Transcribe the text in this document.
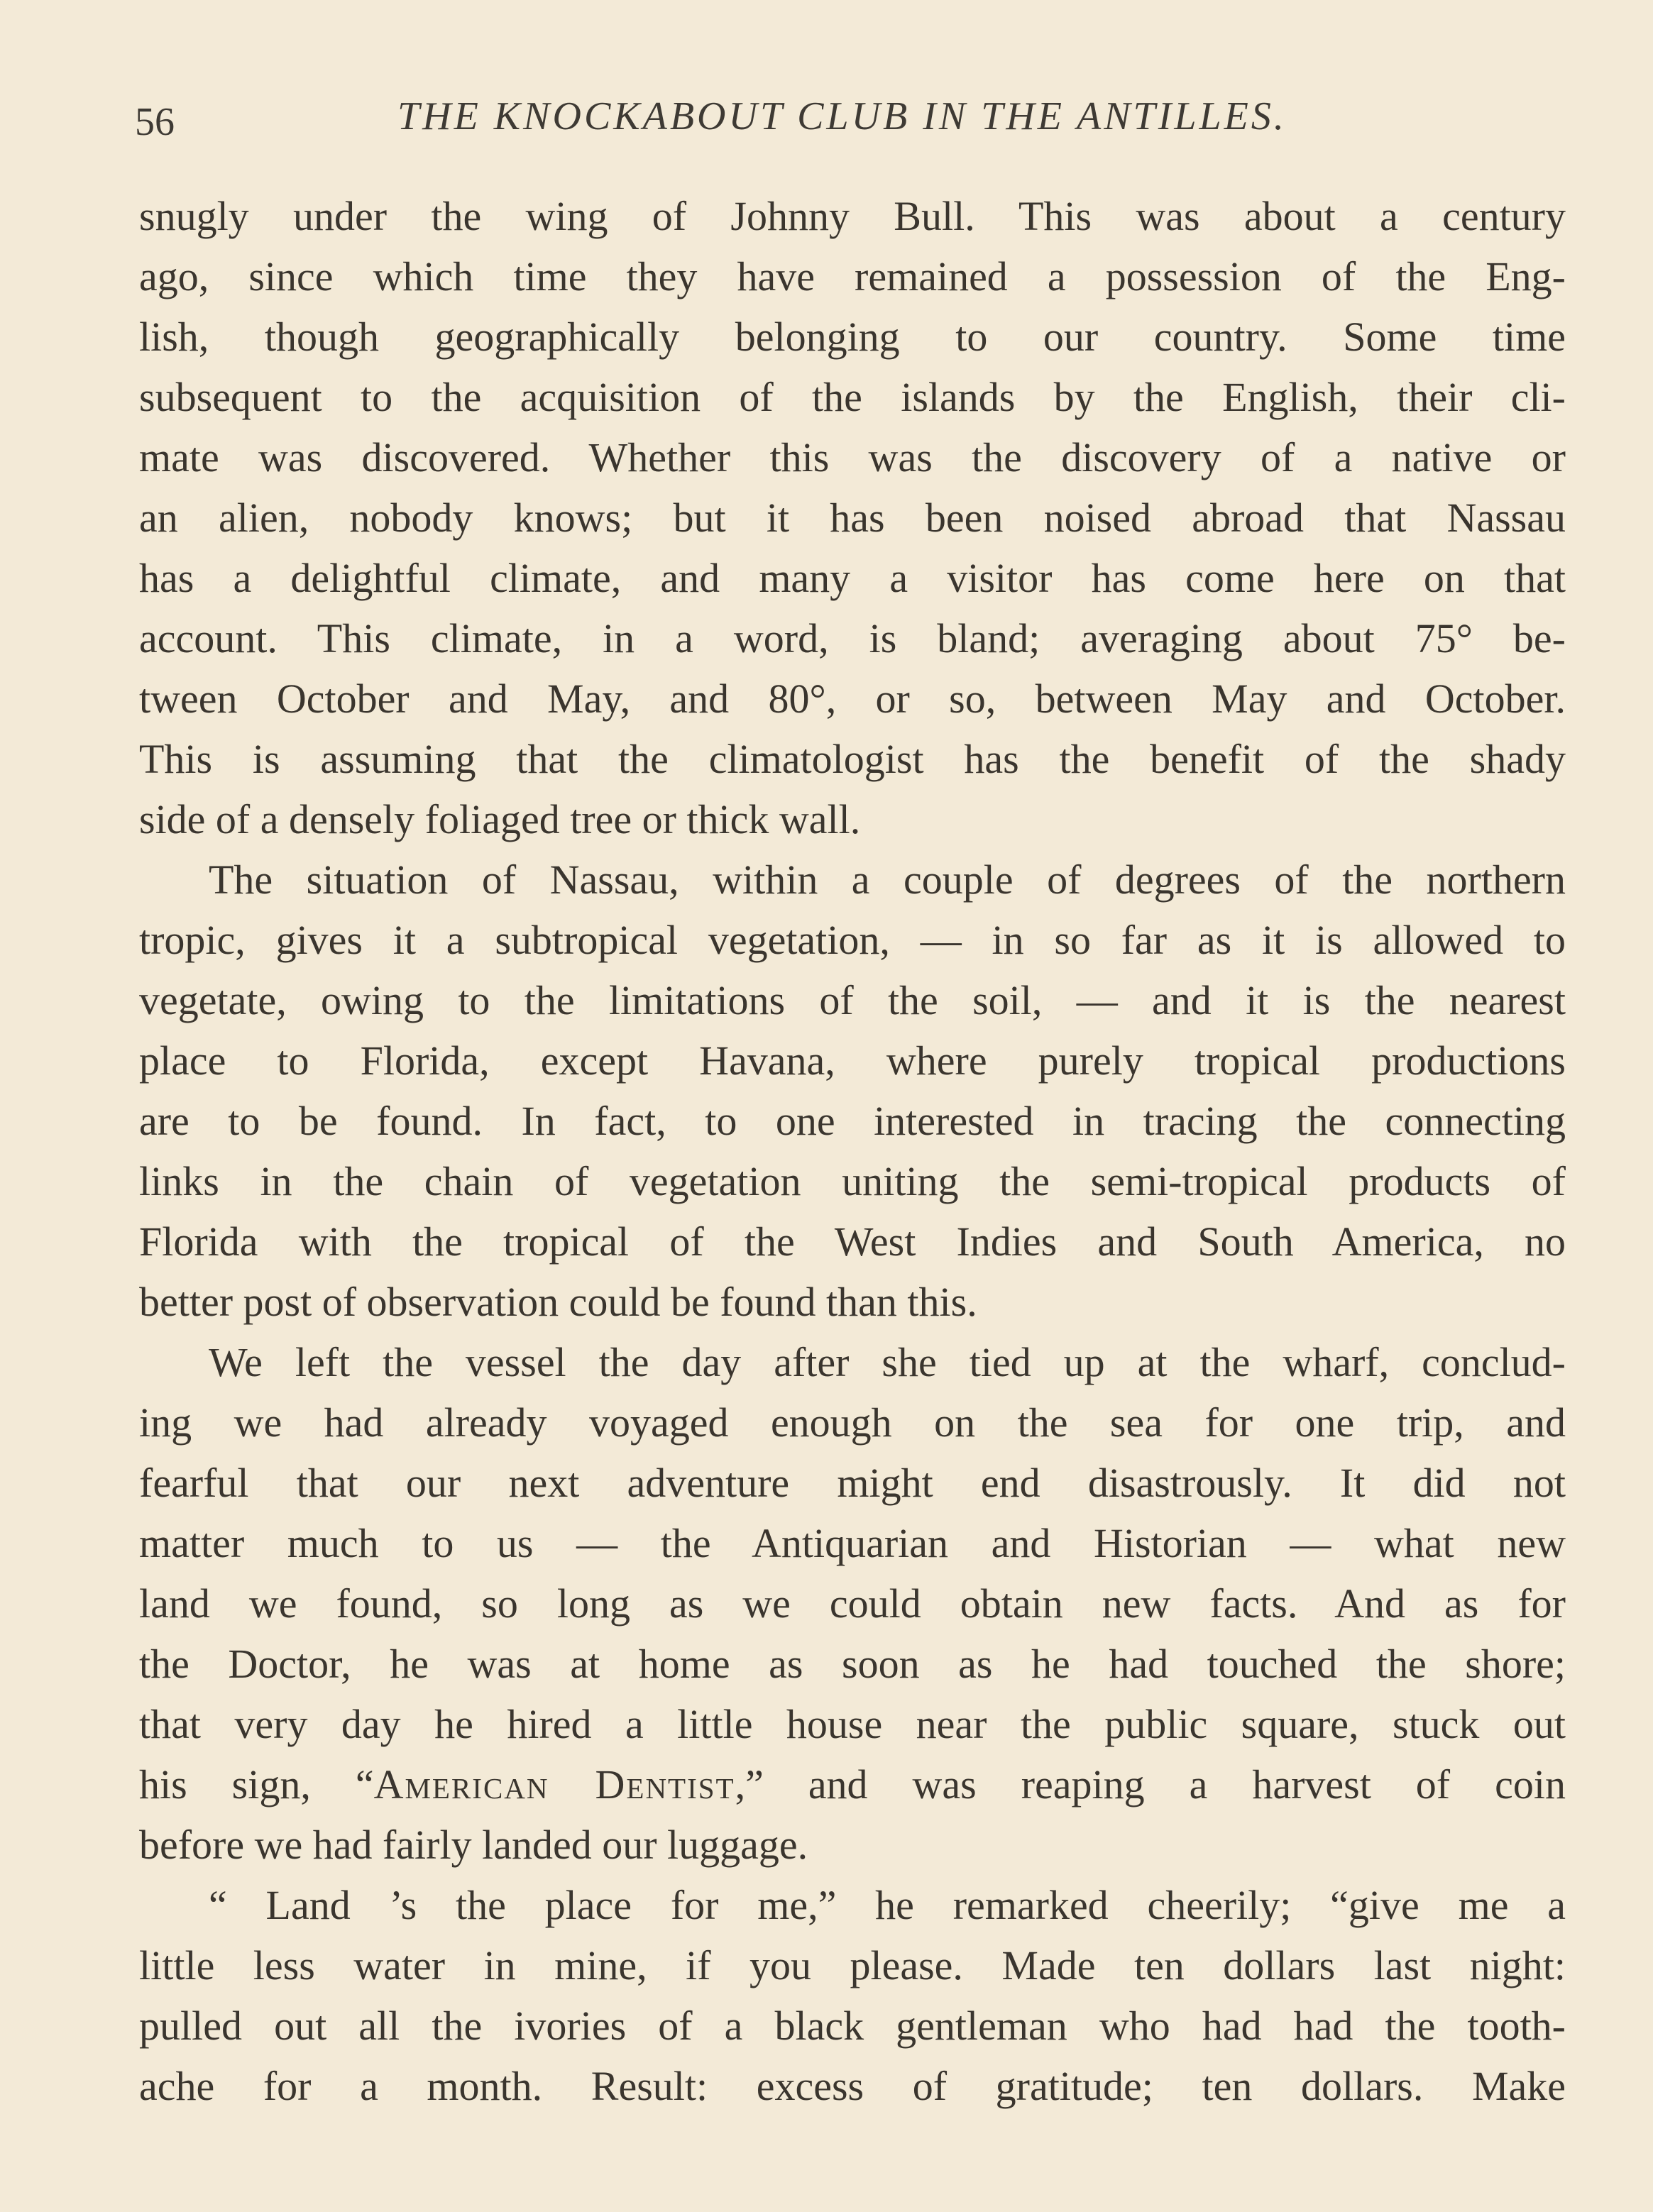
56	THE KNOCKABOUT CLUB IN THE ANTILLES.
snugly under the wing of Johnny Bull. This was about a century
ago, since which time they have remained a possession of the Eng-
lish, though geographically belonging to our country. Some time
subsequent to the acquisition of the islands by the English, their cli-
mate was discovered. Whether this was the discovery of a native or
an alien, nobody knows; but it has been noised abroad that Nassau
has a delightful climate, and many a visitor has come here on that
account. This climate, in a word, is bland; averaging about 75° be-
tween October and May, and 80°, or so, between May and October.
This is assuming that the climatologist has the benefit of the shady
side of a densely foliaged tree or thick wall.
The situation of Nassau, within a couple of degrees of the northern
tropic, gives it a subtropical vegetation, — in so far as it is allowed to
vegetate, owing to the limitations of the soil, — and it is the nearest
place to Florida, except Havana, where purely tropical productions
are to be found. In fact, to one interested in tracing the connecting
links in the chain of vegetation uniting the semi-tropical products of
Florida with the tropical of the West Indies and South America, no
better post of observation could be found than this.
We left the vessel the day after she tied up at the wharf, conclud-
ing we had already voyaged enough on the sea for one trip, and
fearful that our next adventure might end disastrously. It did not
matter much to us — the Antiquarian and Historian — what new
land we found, so long as we could obtain new facts. And as for
the Doctor, he was at home as soon as he had touched the shore;
that very day he hired a little house near the public square, stuck out
his sign, “American Dentist,” and was reaping a harvest of coin
before we had fairly landed our luggage.
“ Land ’s the place for me,” he remarked cheerily; “give me a
little less water in mine, if you please. Made ten dollars last night:
pulled out all the ivories of a black gentleman who had had the tooth-
ache for a month. Result: excess of gratitude; ten dollars. Make
